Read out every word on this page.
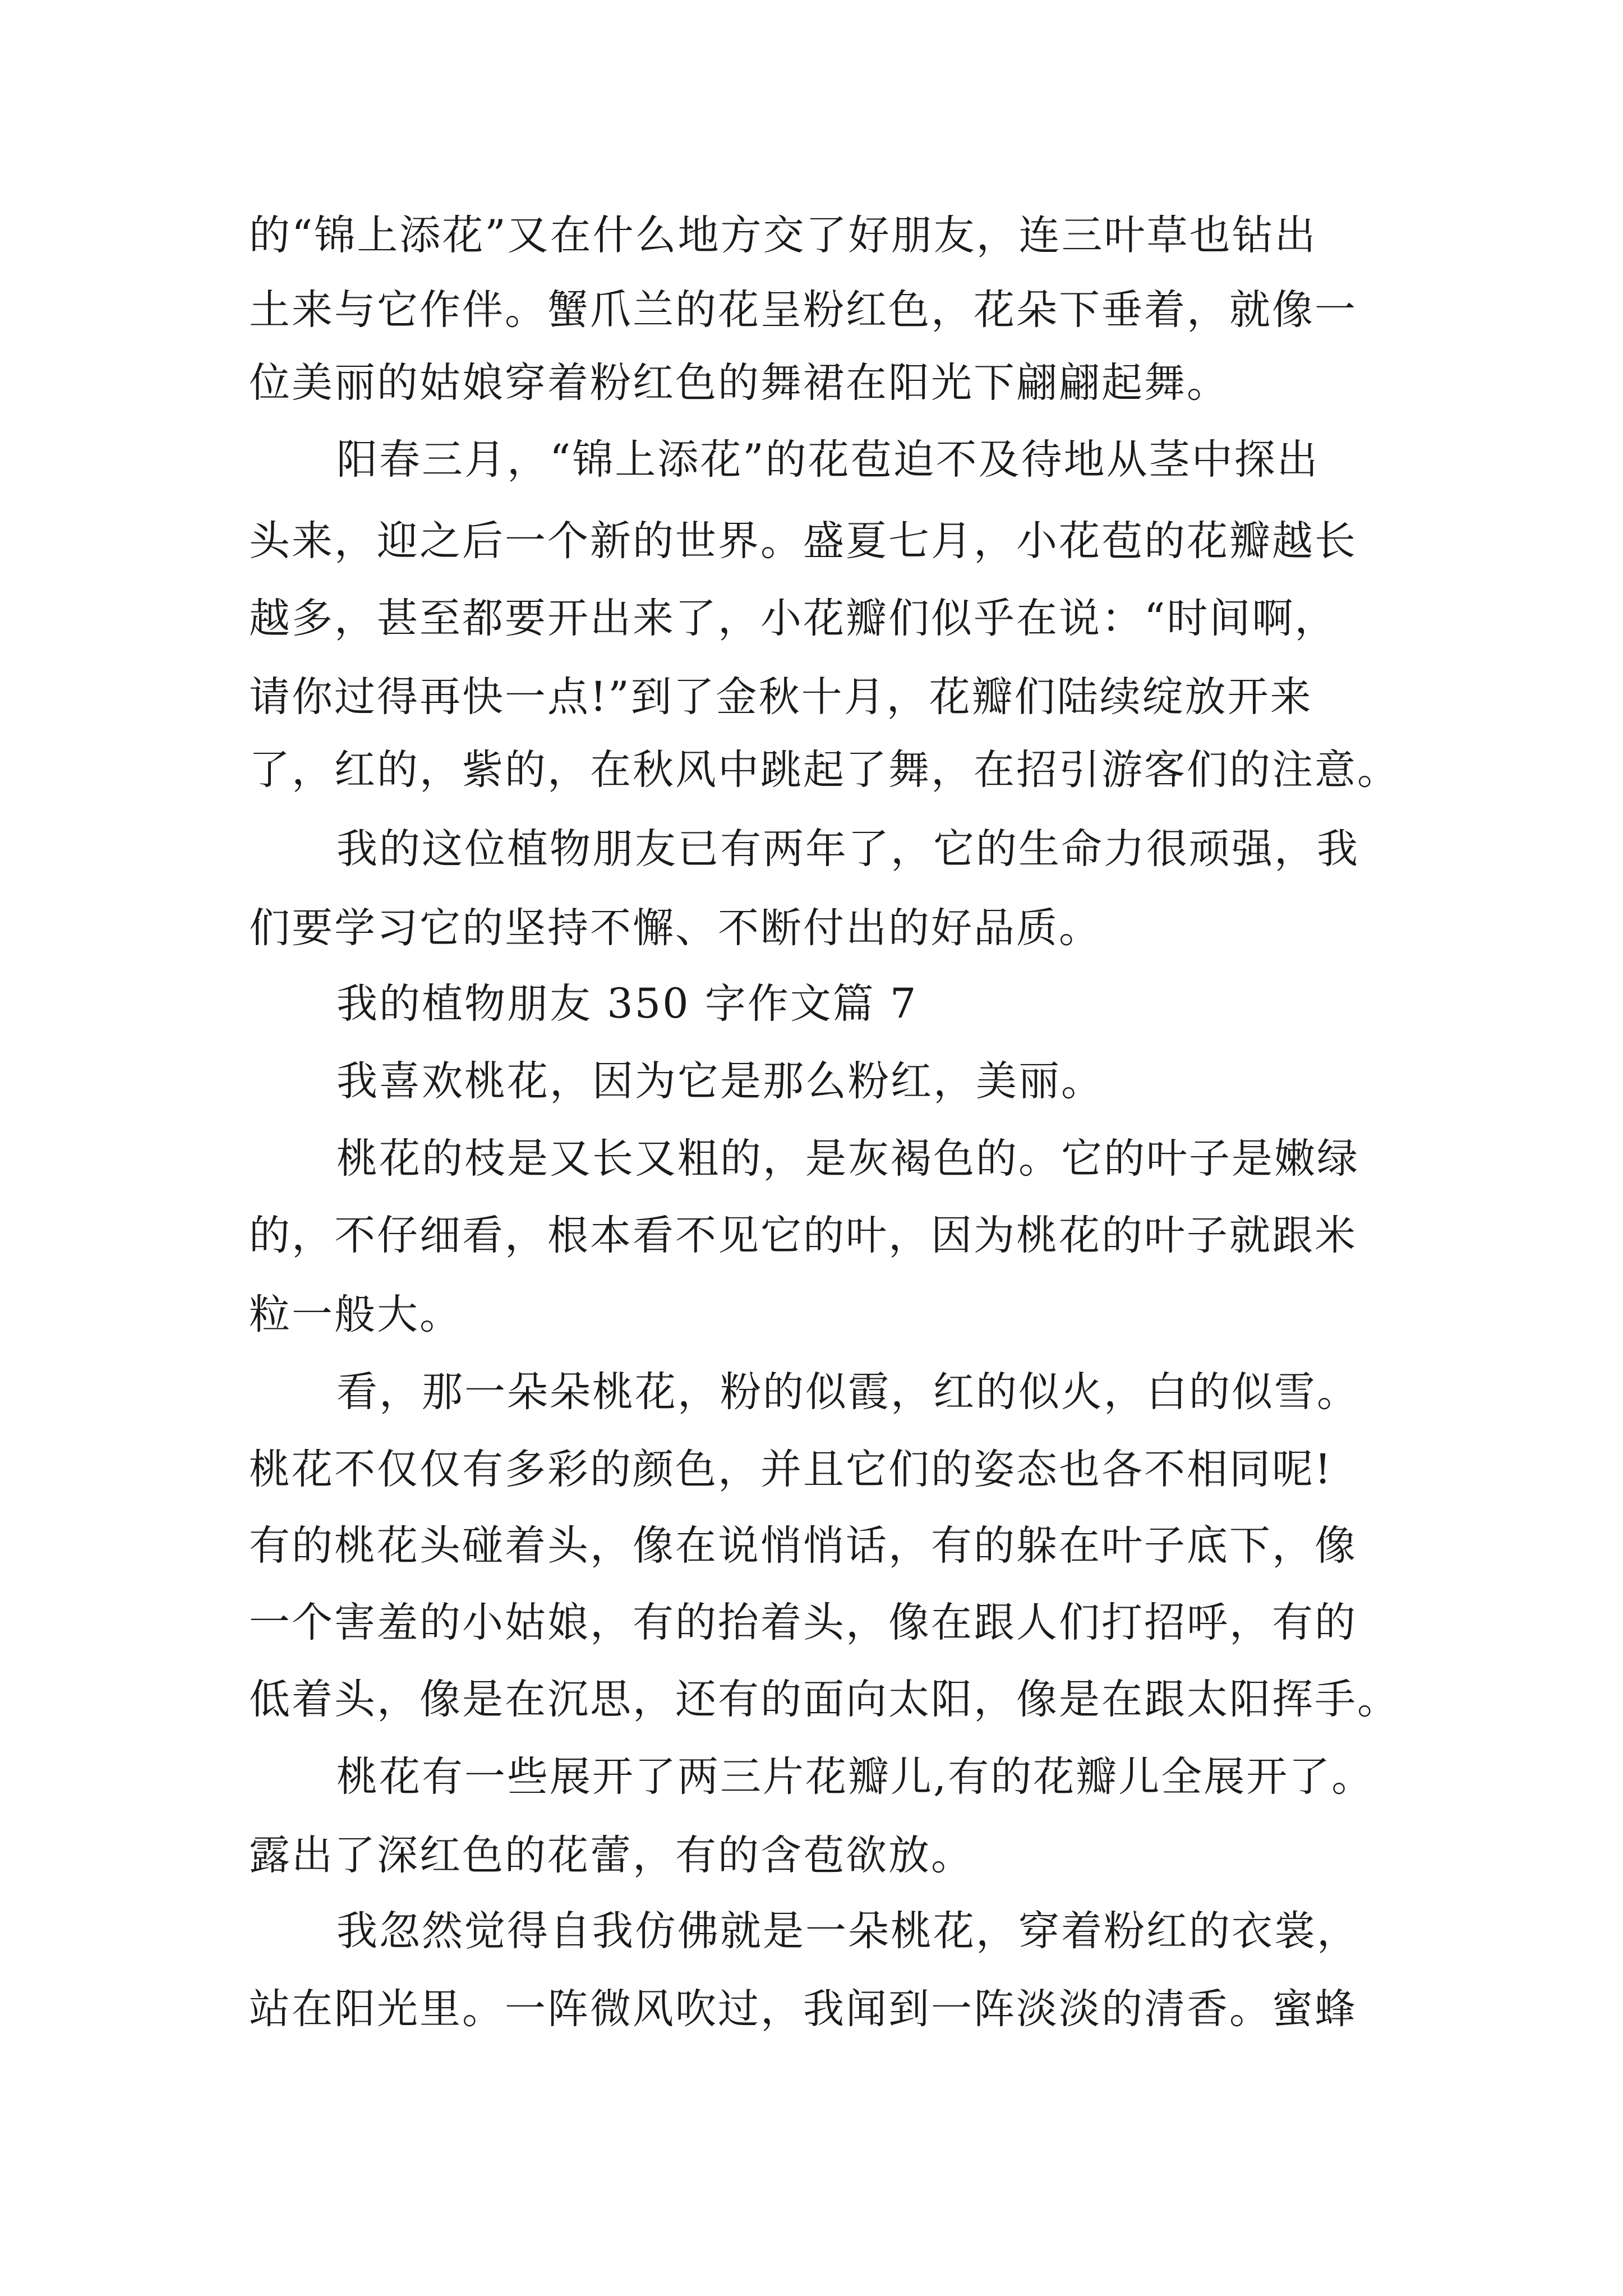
的“锦上添花”又在什么地方交了好朋友，连三叶草也钻出
土来与它作伴。蟹爪兰的花呈粉红色，花朵下垂着，就像一
位美丽的姑娘穿着粉红色的舞裙在阳光下翩翩起舞。
阳春三月，“锦上添花”的花苞迫不及待地从茎中探出
头来，迎之后一个新的世界。盛夏七月，小花苞的花瓣越长
越多，甚至都要开出来了，小花瓣们似乎在说：“时间啊，
请你过得再快一点!”到了金秋十月，花瓣们陆续绽放开来
了，红的，紫的，在秋风中跳起了舞，在招引游客们的注意。
我的这位植物朋友已有两年了，它的生命力很顽强，我
们要学习它的坚持不懈、不断付出的好品质。
我的植物朋友 350 字作文篇 7
我喜欢桃花，因为它是那么粉红，美丽。
桃花的枝是又长又粗的，是灰褐色的。它的叶子是嫩绿
的，不仔细看，根本看不见它的叶，因为桃花的叶子就跟米
粒一般大。
看，那一朵朵桃花，粉的似霞，红的似火，白的似雪。
桃花不仅仅有多彩的颜色，并且它们的姿态也各不相同呢!
有的桃花头碰着头，像在说悄悄话，有的躲在叶子底下，像
一个害羞的小姑娘，有的抬着头，像在跟人们打招呼，有的
低着头，像是在沉思，还有的面向太阳，像是在跟太阳挥手。
桃花有一些展开了两三片花瓣儿,有的花瓣儿全展开了。
露出了深红色的花蕾，有的含苞欲放。
我忽然觉得自我仿佛就是一朵桃花，穿着粉红的衣裳，
站在阳光里。一阵微风吹过，我闻到一阵淡淡的清香。蜜蜂
